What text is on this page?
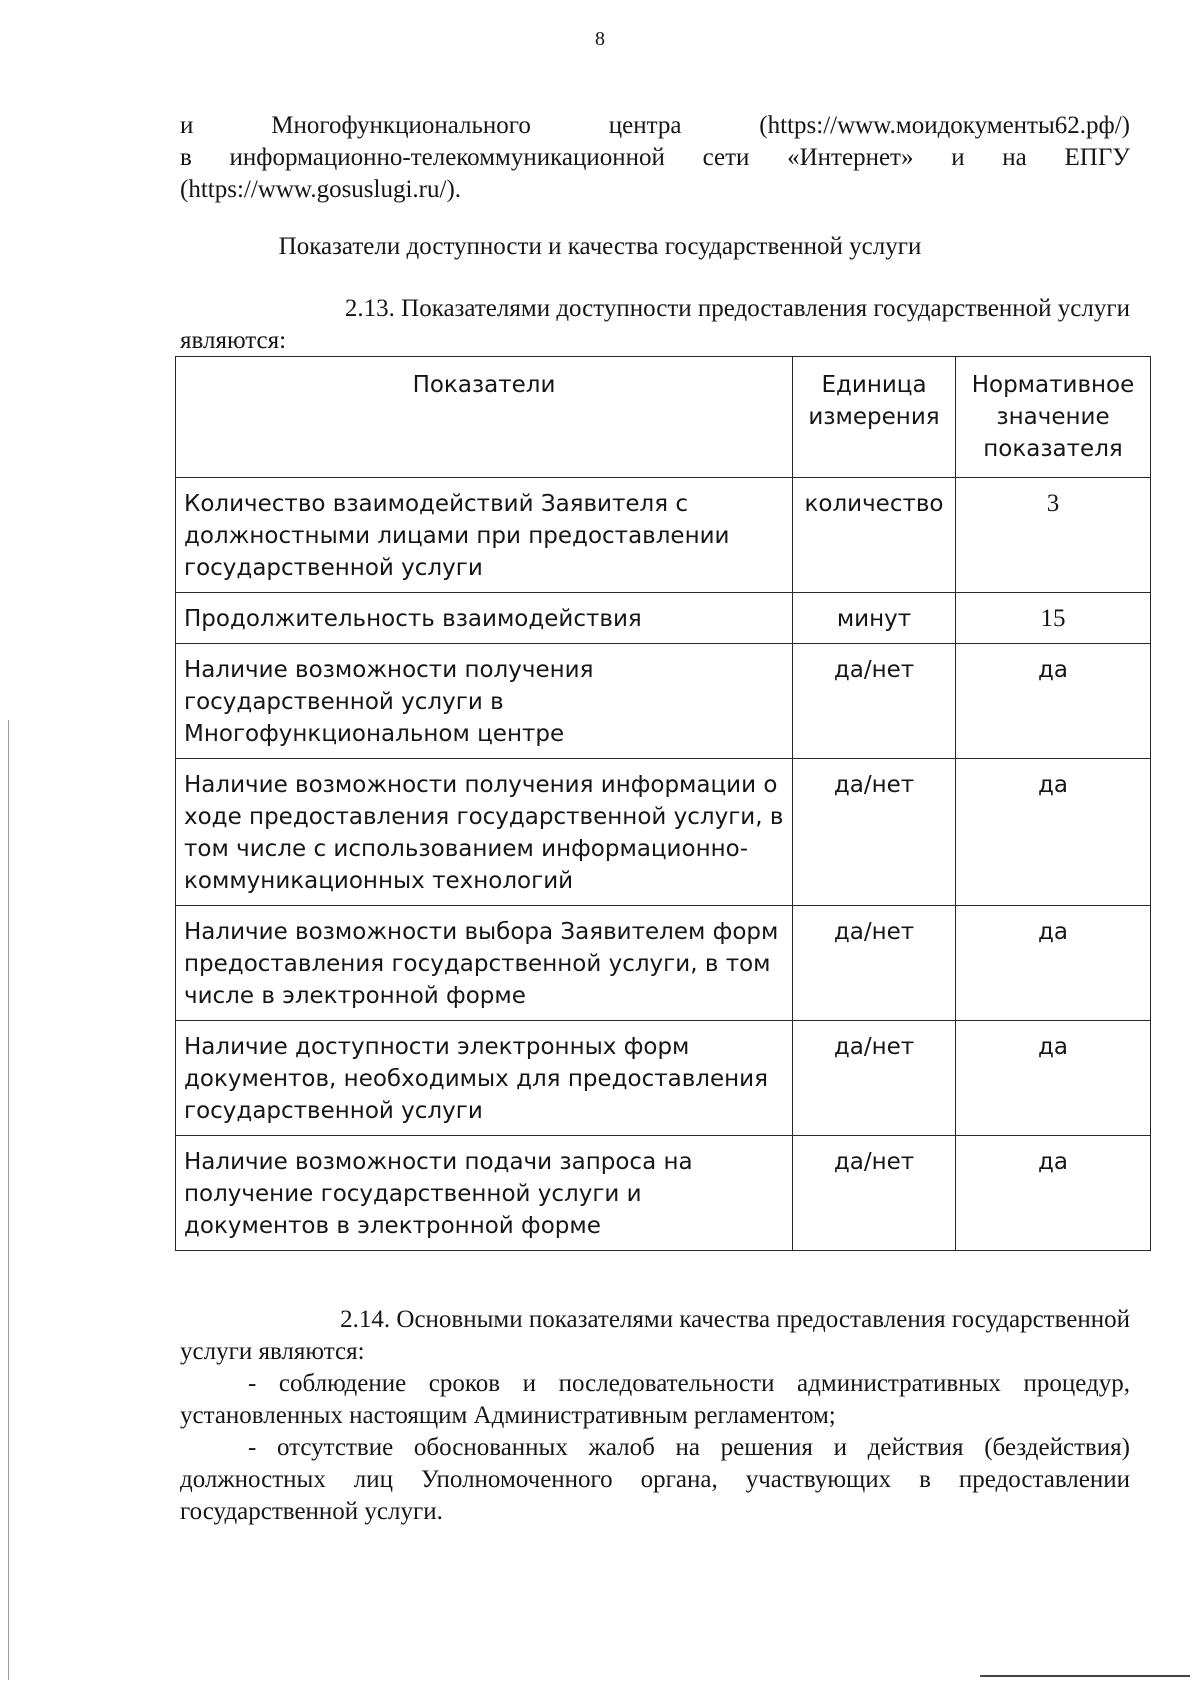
8
и	Многофункционального	центра	(https://www.моидокументы62.рф/)
в информационно-телекоммуникационной сети «Интернет» и на ЕПГУ
(https://www.gosuslugi.ru/).
Показатели доступности и качества государственной услуги
2.13. Показателями доступности предоставления государственной услуги
являются:
Показатели	Единица измерения	Нормативное значение показателя
Количество взаимодействий Заявителя с должностными лицами при предоставлении государственной услуги	количество	3
Продолжительность взаимодействия	минут	15
Наличие возможности получения государственной услуги в Многофункциональном центре	да/нет	да
Наличие возможности получения информации о ходе предоставления государственной услуги, в том числе с использованием информационно-коммуникационных технологий	да/нет	да
Наличие возможности выбора Заявителем форм предоставления государственной услуги, в том числе в электронной форме	да/нет	да
Наличие доступности электронных форм документов, необходимых для предоставления государственной услуги	да/нет	да
Наличие возможности подачи запроса на получение государственной услуги и документов в электронной форме	да/нет	да
2.14. Основными показателями качества предоставления государственной
услуги являются:
- соблюдение сроков и последовательности административных процедур, установленных настоящим Административным регламентом;
- отсутствие обоснованных жалоб на решения и действия (бездействия) должностных лиц Уполномоченного органа, участвующих в предоставлении государственной услуги.
